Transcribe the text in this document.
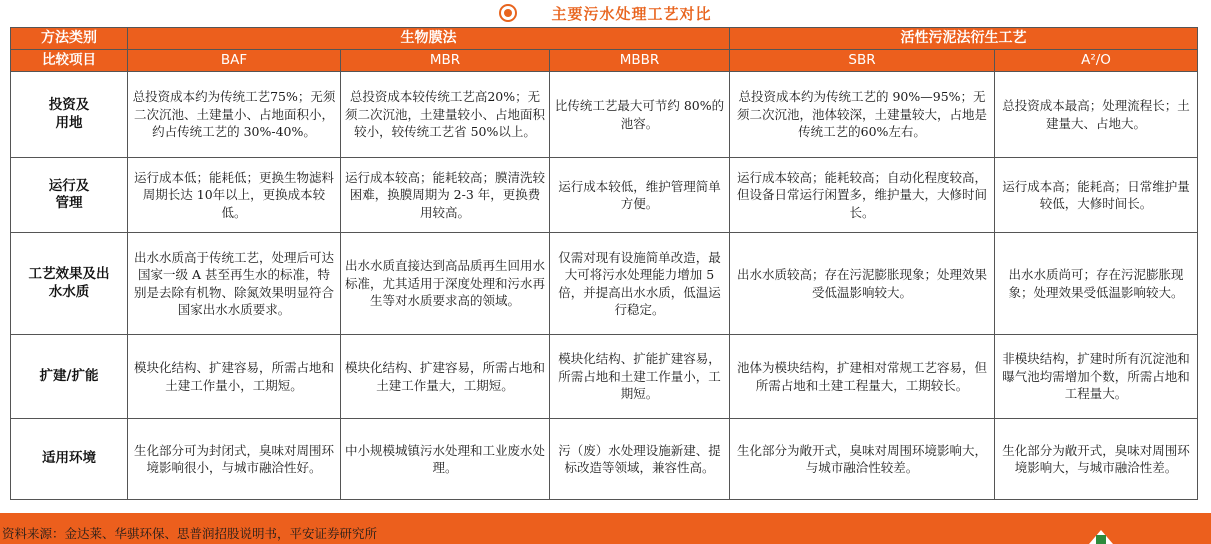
主要污水处理工艺对比
方法类别	生物膜法			活性污泥法衍生工艺	
比较项目	BAF	MBR	MBBR	SBR	A²/O
投资及
用地	总投资成本约为传统工艺75%；无须二次沉池、土建量小、占地面积小，约占传统工艺的 30%-40%。	总投资成本较传统工艺高20%；无须二次沉池，土建量较小、占地面积较小，较传统工艺省 50%以上。	比传统工艺最大可节约 80%的池容。	总投资成本约为传统工艺的 90%—95%；无须二次沉池，池体较深，土建量较大，占地是传统工艺的60%左右。	总投资成本最高；处理流程长；土建量大、占地大。
运行及
管理	运行成本低；能耗低；更换生物滤料周期长达 10年以上，更换成本较低。	运行成本较高；能耗较高；膜清洗较困难，换膜周期为 2-3 年，更换费用较高。	运行成本较低，维护管理简单方便。	运行成本较高；能耗较高；自动化程度较高，但设备日常运行闲置多，维护量大，大修时间长。	运行成本高；能耗高；日常维护量较低，大修时间长。
工艺效果及出
水水质	出水水质高于传统工艺，处理后可达国家一级 A 甚至再生水的标准，特别是去除有机物、除氮效果明显符合国家出水水质要求。	出水水质直接达到高品质再生回用水标准，尤其适用于深度处理和污水再生等对水质要求高的领域。	仅需对现有设施简单改造，最大可将污水处理能力增加 5 倍，并提高出水水质，低温运行稳定。	出水水质较高；存在污泥膨胀现象；处理效果受低温影响较大。	出水水质尚可；存在污泥膨胀现象；处理效果受低温影响较大。
扩建/扩能	模块化结构、扩建容易，所需占地和土建工作量小，工期短。	模块化结构、扩建容易，所需占地和土建工作量大，工期短。	模块化结构、扩能扩建容易，所需占地和土建工作量小，工期短。	池体为模块结构，扩建相对常规工艺容易，但所需占地和土建工程量大，工期较长。	非模块结构，扩建时所有沉淀池和曝气池均需增加个数，所需占地和工程量大。
适用环境	生化部分可为封闭式，臭味对周围环境影响很小，与城市融洽性好。	中小规模城镇污水处理和工业废水处理。	污（废）水处理设施新建、提标改造等领域，兼容性高。	生化部分为敞开式，臭味对周围环境影响大，与城市融洽性较差。	生化部分为敞开式，臭味对周围环境影响大，与城市融洽性差。
资料来源：金达莱、华骐环保、思普润招股说明书，平安证券研究所
